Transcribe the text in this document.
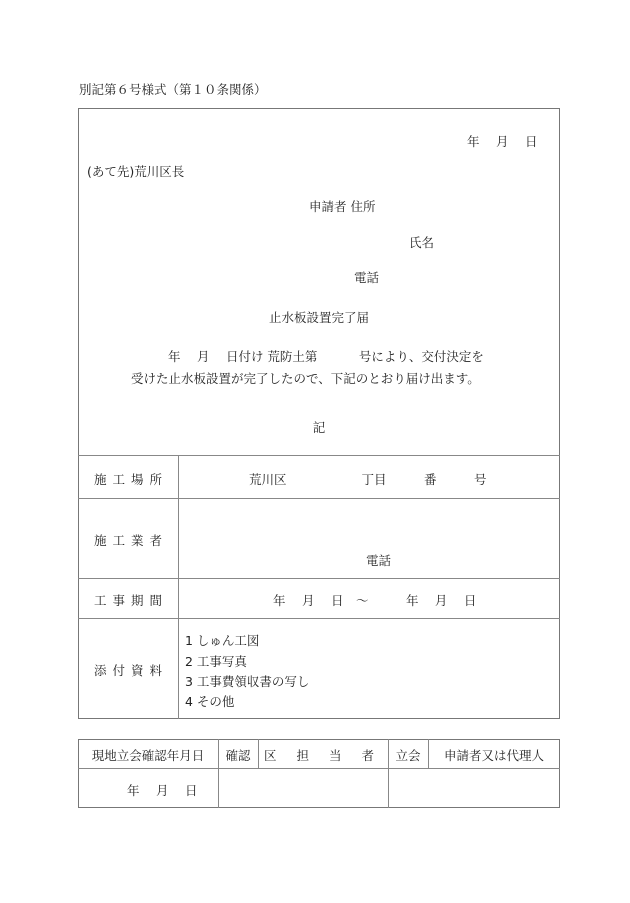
別記第６号様式（第１０条関係）
年　 月　 日
(あて先)荒川区長
申請者 住所
氏名
電話
止水板設置完了届
年　 月　 日付け 荒防土第　　　 号により、交付決定を
受けた止水板設置が完了したので、下記のとおり届け出ます。
記
施工場所	荒川区　　　　　　丁目　　　番　　　号
施工業者
電話
工事期間	年　 月　 日　～　　　年　 月　 日
添付資料
1 しゅん工図
2 工事写真
3 工事費領収書の写し
4 その他
現地立会確認年月日 確認 区 担 当 者 立会 申請者又は代理人
年　 月　 日
